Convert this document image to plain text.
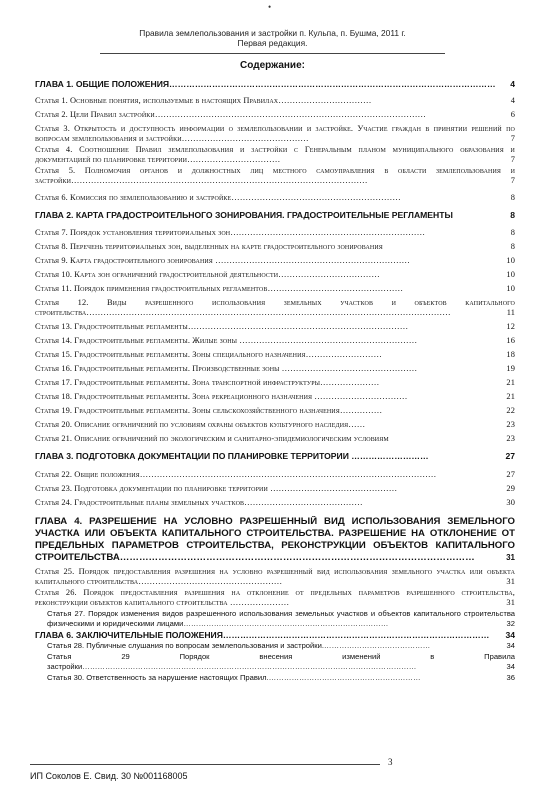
•
Правила землепользования и застройки п. Кульпа, п. Бушма, 2011 г.
Первая редакция.
Содержание:
4
ГЛАВА 1. ОБЩИЕ ПОЛОЖЕНИЯ……………………………………………………………………………………………………
4
Статья 1. Основные понятия, используемые в настоящих Правилах……………………………
6
Статья 2. Цели Правил застройки……………………………………………………………………………………
7
Статья 3. Открытость и доступность информации о землепользовании и застройке. Участие граждан в принятии решений по вопросам землепользования и застройки………………………………………
7
Статья 4. Соотношение Правил землепользования и застройки с Генеральным планом муниципального образования и документацией по планировке территории……………………………
7
Статья 5. Полномочия органов и должностных лиц местного самоуправления в области землепользования и застройки……………………………………………………………………………………………
8
Статья 6. Комиссия по землепользованию и застройке……………………………………………………
8
ГЛАВА 2. КАРТА ГРАДОСТРОИТЕЛЬНОГО ЗОНИРОВАНИЯ. ГРАДОСТРОИТЕЛЬНЫЕ РЕГЛАМЕНТЫ
8
Статья 7. Порядок установления территориальных зон……………………………………………………………
8
Статья 8. Перечень территориальных зон, выделенных на карте градостроительного зонирования
10
Статья 9. Карта градостроительного зонирования ……………………………………………………………
10
Статья 10. Карта зон ограничений градостроительной деятельности………………………………
10
Статья 11. Порядок применения градостроительных регламентов…………………………………………
11
Статья 12. Виды разрешенного использования земельных участков и объектов капитального строительства…………………………………………………………………………………………………………………
12
Статья 13. Градостроительные регламенты……………………………………………………………………
16
Статья 14. Градостроительные регламенты. Жилые зоны ………………………………………………………
18
Статья 15. Градостроительные регламенты. Зоны специального назначения………………………
19
Статья 16. Градостроительные регламенты. Производственные зоны …………………………………………
21
Статья 17. Градостроительные регламенты. Зона транспортной инфраструктуры…………………
21
Статья 18. Градостроительные регламенты. Зона рекреационного назначения ……………………………
22
Статья 19. Градостроительные регламенты. Зоны сельскохозяйственного назначения……………
23
Статья 20. Описание ограничений по условиям охраны объектов культурного наследия……
23
Статья 21. Описание ограничений по экологическим и санитарно-эпидемиологическим условиям
27
ГЛАВА 3. ПОДГОТОВКА ДОКУМЕНТАЦИИ ПО ПЛАНИРОВКЕ ТЕРРИТОРИИ ………………………
27
Статья 22. Общие положения……………………………………………………………………………………………
29
Статья 23. Подготовка документации по планировке территории ………………………………………
30
Статья 24. Градостроительные планы земельных участков……………………………………
31
ГЛАВА 4. РАЗРЕШЕНИЕ НА УСЛОВНО РАЗРЕШЕННЫЙ ВИД ИСПОЛЬЗОВАНИЯ ЗЕМЕЛЬНОГО УЧАСТКА ИЛИ ОБЪЕКТА КАПИТАЛЬНОГО СТРОИТЕЛЬСТВА. РАЗРЕШЕНИЕ НА ОТКЛОНЕНИЕ ОТ ПРЕДЕЛЬНЫХ ПАРАМЕТРОВ СТРОИТЕЛЬСТВА, РЕКОНСТРУКЦИИ ОБЪЕКТОВ КАПИТАЛЬНОГО СТРОИТЕЛЬСТВА…………………………………………………………………………………………………
31
Статья 25. Порядок предоставления разрешения на условно разрешенный вид использования земельного участка или объекта капитального строительства……………………………………………
31
Статья 26. Порядок предоставления разрешения на отклонение от предельных параметров разрешенного строительства, реконструкции объектов капитального строительства …………………
32
Статья 27. Порядок изменения видов разрешенного использования земельных участков и объектов капитального строительства физическими и юридическими лицами………………………………………………………………………
34
ГЛАВА 6. ЗАКЛЮЧИТЕЛЬНЫЕ ПОЛОЖЕНИЯ…………………………………………………………………………………
34
Статья 28. Публичные слушания по вопросам землепользования и застройки.……………………………………
34
Статья 29 Порядок внесения изменений в Правила застройки……………………………………………………………………………………………………………………
36
Статья 30. Ответственность за нарушение настоящих Правил.……………………………………………………
3
ИП Соколов Е. Свид. 30 №001168005
